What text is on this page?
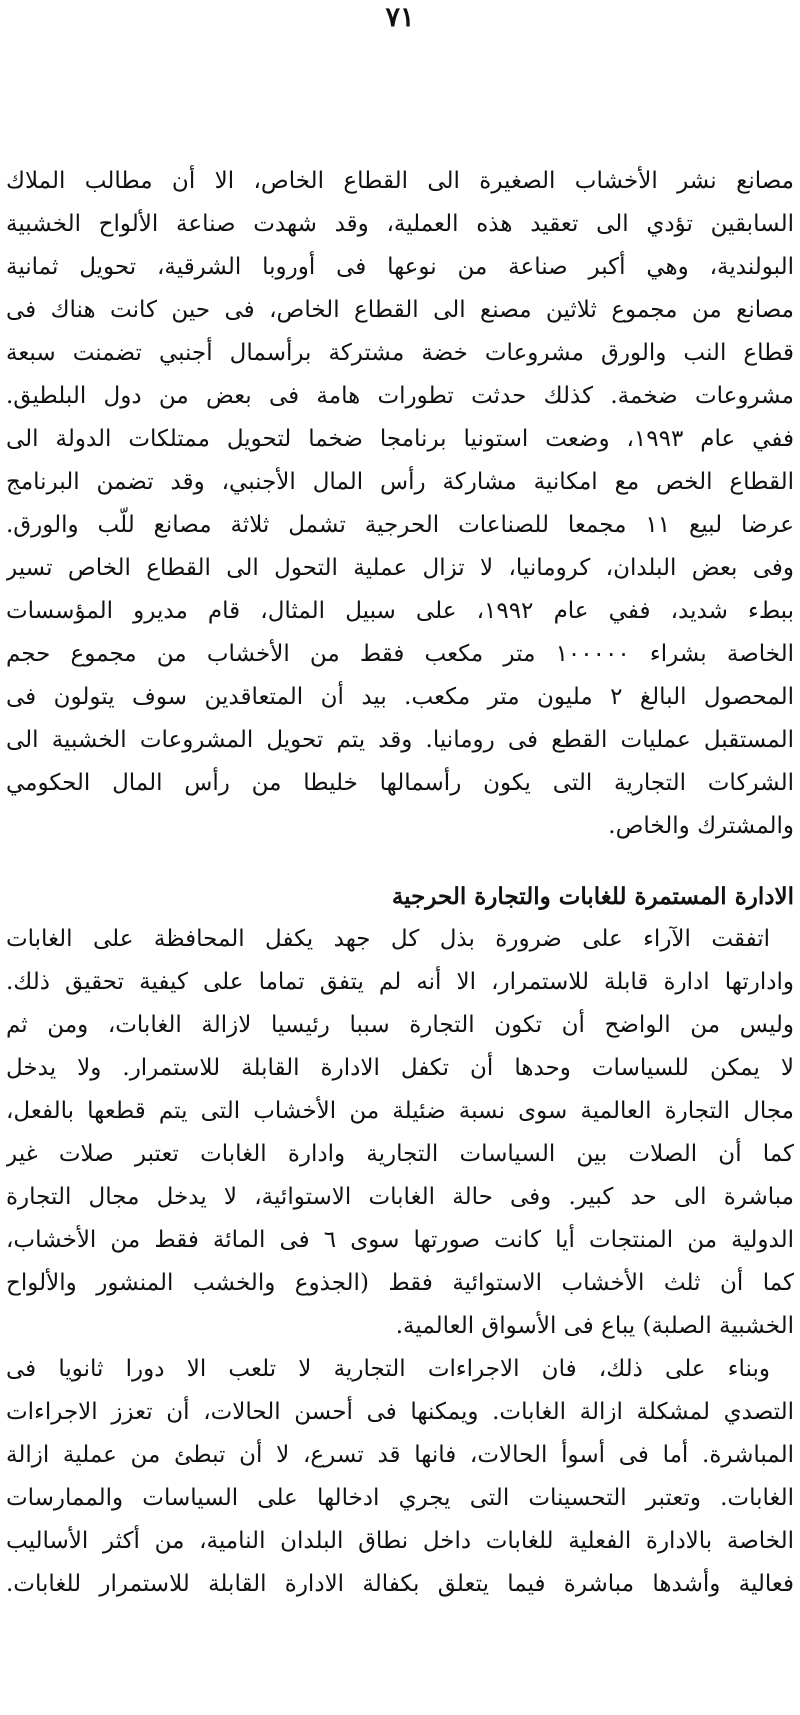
٧١
مصانع نشر الأخشاب الصغيرة الى القطاع الخاص، الا أن مطالب الملاك
السابقين تؤدي الى تعقيد هذه العملية، وقد شهدت صناعة الألواح الخشبية
البولندية، وهي أكبر صناعة من نوعها فى أوروبا الشرقية، تحويل ثمانية
مصانع من مجموع ثلاثين مصنع الى القطاع الخاص، فى حين كانت هناك فى
قطاع النب والورق مشروعات خضة مشتركة برأسمال أجنبي تضمنت سبعة
مشروعات ضخمة. كذلك حدثت تطورات هامة فى بعض من دول البلطيق.
ففي عام ١٩٩٣، وضعت استونيا برنامجا ضخما لتحويل ممتلكات الدولة الى
القطاع الخص مع امكانية مشاركة رأس المال الأجنبي، وقد تضمن البرنامج
عرضا لبيع ١١ مجمعا للصناعات الحرجية تشمل ثلاثة مصانع للّب والورق.
وفى بعض البلدان، كرومانيا، لا تزال عملية التحول الى القطاع الخاص تسير
ببطء شديد، ففي عام ١٩٩٢، على سبيل المثال، قام مديرو المؤسسات
الخاصة بشراء ١٠٠٠٠٠ متر مكعب فقط من الأخشاب من مجموع حجم
المحصول البالغ ٢ مليون متر مكعب. بيد أن المتعاقدين سوف يتولون فى
المستقبل عمليات القطع فى رومانيا. وقد يتم تحويل المشروعات الخشبية الى
الشركات التجارية التى يكون رأسمالها خليطا من رأس المال الحكومي
والمشترك والخاص.
الادارة المستمرة للغابات والتجارة الحرجية
اتفقت الآراء على ضرورة بذل كل جهد يكفل المحافظة على الغابات
وادارتها ادارة قابلة للاستمرار، الا أنه لم يتفق تماما على كيفية تحقيق ذلك.
وليس من الواضح أن تكون التجارة سببا رئيسيا لازالة الغابات، ومن ثم
لا يمكن للسياسات وحدها أن تكفل الادارة القابلة للاستمرار. ولا يدخل
مجال التجارة العالمية سوى نسبة ضئيلة من الأخشاب التى يتم قطعها بالفعل،
كما أن الصلات بين السياسات التجارية وادارة الغابات تعتبر صلات غير
مباشرة الى حد كبير. وفى حالة الغابات الاستوائية، لا يدخل مجال التجارة
الدولية من المنتجات أيا كانت صورتها سوى ٦ فى المائة فقط من الأخشاب،
كما أن ثلث الأخشاب الاستوائية فقط (الجذوع والخشب المنشور والألواح
الخشبية الصلبة) يباع فى الأسواق العالمية.
وبناء على ذلك، فان الاجراءات التجارية لا تلعب الا دورا ثانويا فى
التصدي لمشكلة ازالة الغابات. ويمكنها فى أحسن الحالات، أن تعزز الاجراءات
المباشرة. أما فى أسوأ الحالات، فانها قد تسرع، لا أن تبطئ من عملية ازالة
الغابات. وتعتبر التحسينات التى يجري ادخالها على السياسات والممارسات
الخاصة بالادارة الفعلية للغابات داخل نطاق البلدان النامية، من أكثر الأساليب
فعالية وأشدها مباشرة فيما يتعلق بكفالة الادارة القابلة للاستمرار للغابات.
